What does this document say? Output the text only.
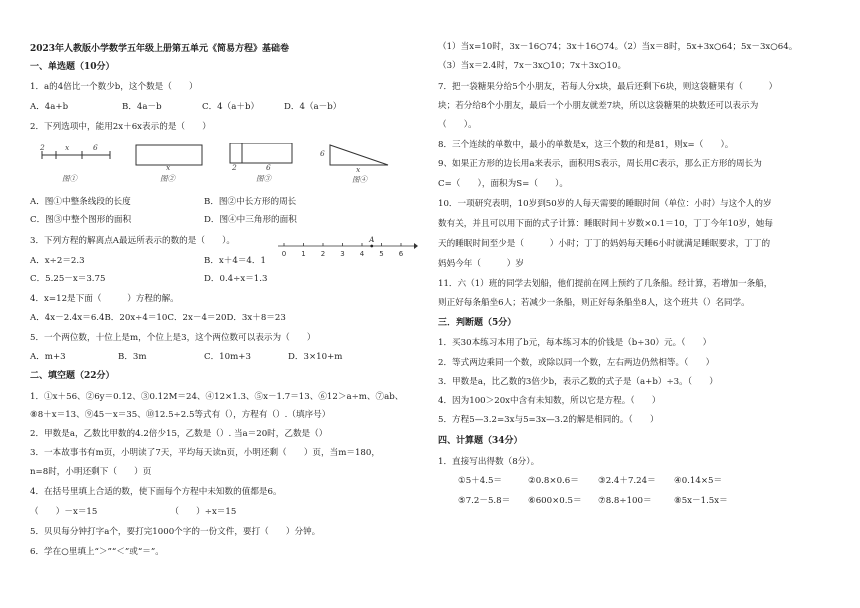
2023年人教版小学数学五年级上册第五单元《简易方程》基础卷
一、单选题（10分）
1．a的4倍比一个数少b，这个数是（　　）
A．4a+b	B．4a－b	C．4（a＋b）	D．4（a－b）
2．下列选项中，能用2x＋6x表示的是（　　）
2	x	6
图①
x
图②
2	6
图③
6
x
图④
A．图①中整条线段的长度	B．图②中长方形的周长
C．图③中整个图形的面积	D．图④中三角形的面积
3．下列方程的解离点A最远所表示的数的是（　　）。
0 1 2 3 4 5 6
A
A．x÷2＝2.3	B．x＋4＝4．1
C．5.25－x＝3.75	D．0.4÷x＝1.3
4．x=12是下面（　　　）方程的解。
A．4x－2.4x＝6.4B．20x÷4＝10C．2x－4＝20D．3x＋8＝23
5．一个两位数，十位上是m，个位上是3，这个两位数可以表示为（　　）
A．m+3	B．3m	C．10m+3	D．3×10+m
二、填空题（22分）
1．①x＋56、②6y＝0.12、③0.12M＝24、④12×1.3、⑤x－1.7＝13、⑥12＞a÷m、⑦ab、
⑧8＋x＝13、⑨45－x＝35、⑩12.5÷2.5等式有（），方程有（）.（填序号）
2．甲数是a，乙数比甲数的4.2倍少15，乙数是（）. 当a＝20时，乙数是（）
3．一本故事书有m页，小明读了7天，平均每天读n页，小明还剩（　　）页，当m＝180，
n=8时，小明还剩下（　　）页
4．在括号里填上合适的数，使下面每个方程中未知数的值都是6。
（　　）－x＝15　　　　　　　　　（　　）÷x＝15
5．贝贝每分钟打字a个，要打完1000个字的一份文件，要打（　　）分钟。
6．学在○里填上“＞”“＜”或“＝”。
（1）当x=10时，3x－16○74；3x＋16○74。（2）当x＝8时，5x+3x○64；5x－3x○64。
（3）当x＝2.4时，7x－3x○10；7x＋3x○10。
7．把一袋糖果分给5个小朋友，若每人分x块，最后还剩下6块，则这袋糖果有（　　　）
块；若分给8个小朋友，最后一个小朋友就差7块，所以这袋糖果的块数还可以表示为
（　　）。
8．三个连续的单数中，最小的单数是x，这三个数的和是81，则x=（　　）。
9、如果正方形的边长用a来表示，面积用S表示，周长用C表示，那么正方形的周长为
C=（　　），面积为S=（　　）。
10．一项研究表明，10岁到50岁的人每天需要的睡眠时间（单位：小时）与这个人的岁
数有关，并且可以用下面的式子计算：睡眠时间＋岁数×0.1＝10，丁丁今年10岁，她每
天的睡眠时间至少是（　　　）小时；丁丁的妈妈每天睡6小时就满足睡眠要求，丁丁的
妈妈今年（　　　）岁
11．六（1）班的同学去划船，他们提前在网上预约了几条船。经计算，若增加一条船，
则正好每条船坐6人；若减少一条船，则正好每条船坐8人，这个班共（）名同学。
三．判断题（5分）
1．买30本练习本用了b元，每本练习本的价钱是（b÷30）元。（　　）
2．等式两边乘同一个数，或除以同一个数，左右两边仍然相等。（　　）
3．甲数是a，比乙数的3倍少b，表示乙数的式子是（a+b）÷3。（　　）
4．因为100＞20x中含有未知数，所以它是方程。（　　）
5．方程5—3.2=3x与5=3x—3.2的解是相同的。（　　）
四、计算题（34分）
1．直接写出得数（8分）。
①5＋4.5＝	②0.8×0.6＝	③2.4＋7.24＝	④0.14×5＝
⑤7.2－5.8＝	⑥600×0.5＝	⑦8.8÷100＝	⑧5x－1.5x＝
